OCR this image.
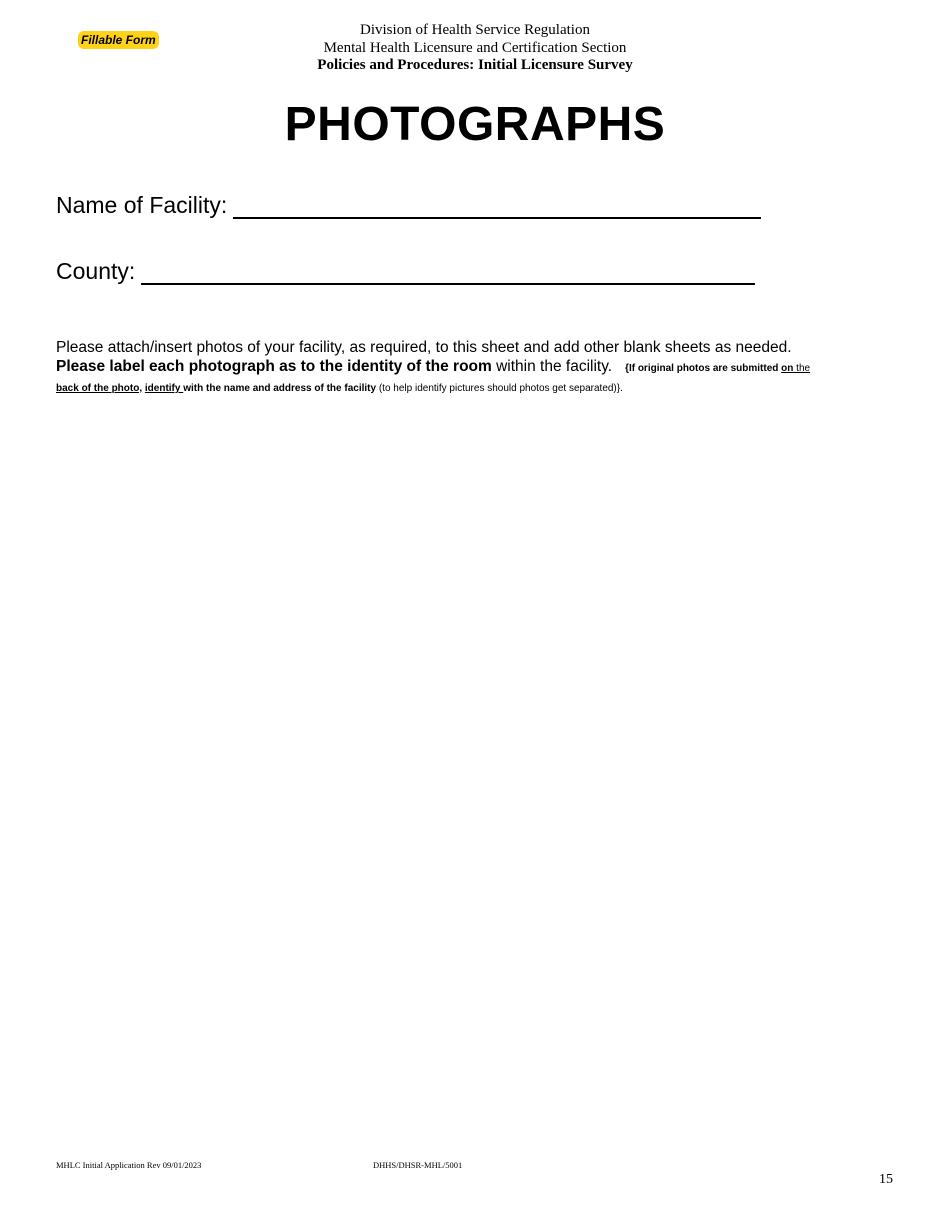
Fillable Form
Division of Health Service Regulation
Mental Health Licensure and Certification Section
Policies and Procedures: Initial Licensure Survey
PHOTOGRAPHS
Name of Facility:
County:
Please attach/insert photos of your facility, as required, to this sheet and add other blank sheets as needed.
Please label each photograph as to the identity of the room within the facility. {If original photos are submitted on the
back of the photo, identify with the name and address of the facility (to help identify pictures should photos get separated)}.
MHLC Initial Application Rev 09/01/2023	DHHS/DHSR-MHL/5001
15
